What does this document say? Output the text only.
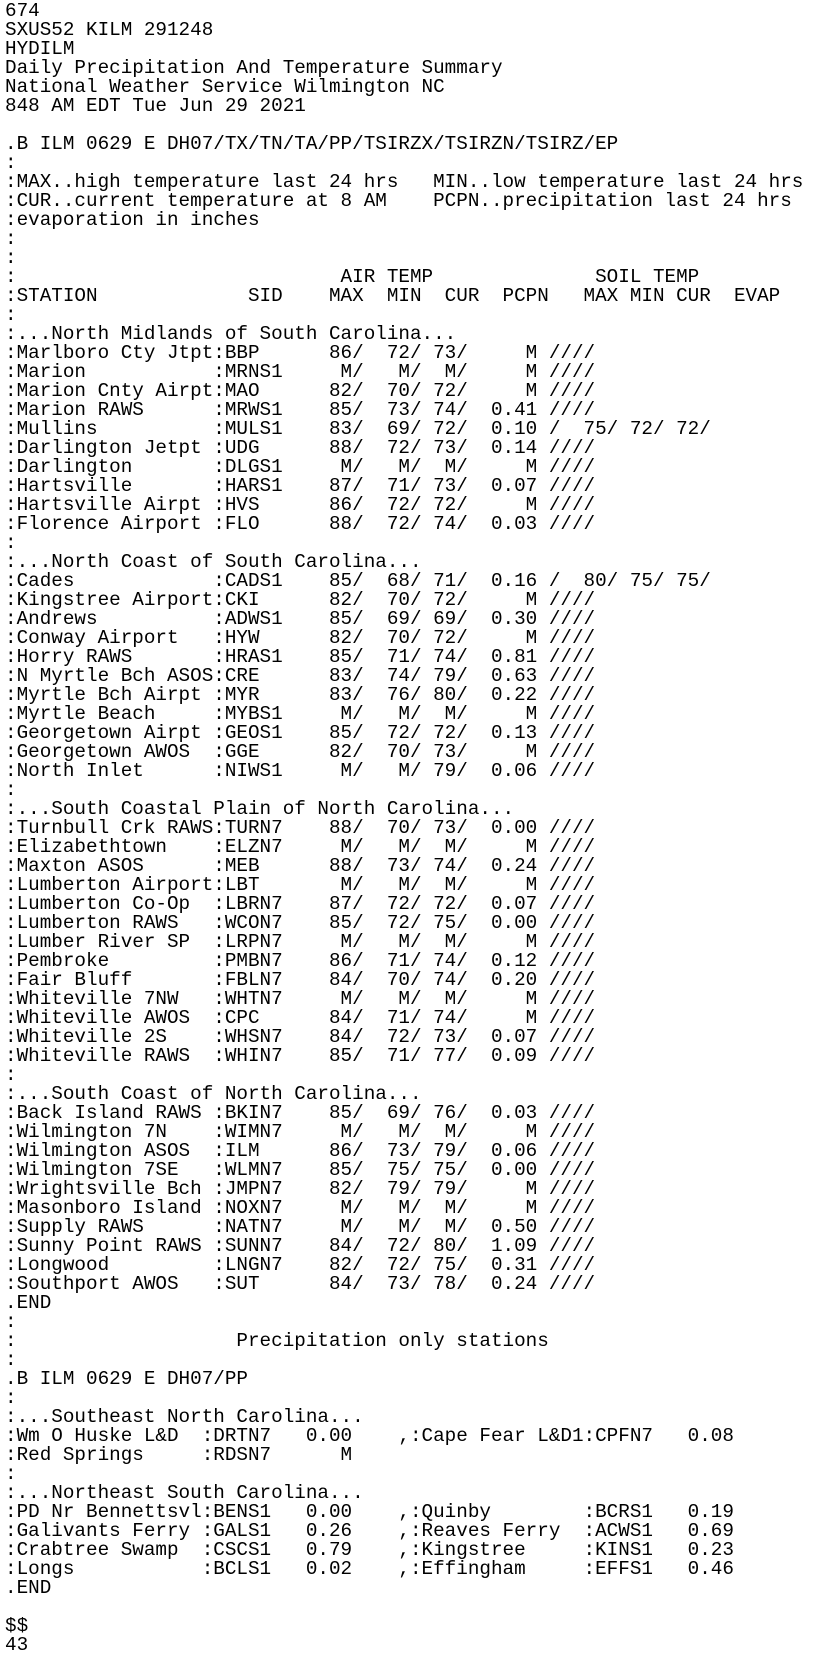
674
SXUS52 KILM 291248
HYDILM
Daily Precipitation And Temperature Summary
National Weather Service Wilmington NC
848 AM EDT Tue Jun 29 2021
.B ILM 0629 E DH07/TX/TN/TA/PP/TSIRZX/TSIRZN/TSIRZ/EP
:
:MAX..high temperature last 24 hrs   MIN..low temperature last 24 hrs
:CUR..current temperature at 8 AM    PCPN..precipitation last 24 hrs
:evaporation in inches
:
:
:                            AIR TEMP              SOIL TEMP
:STATION             SID    MAX  MIN  CUR  PCPN   MAX MIN CUR  EVAP
:
:...North Midlands of South Carolina...
:Marlboro Cty Jtpt:BBP      86/  72/ 73/     M ////
:Marion           :MRNS1     M/   M/  M/     M ////
:Marion Cnty Airpt:MAO      82/  70/ 72/     M ////
:Marion RAWS      :MRWS1    85/  73/ 74/  0.41 ////
:Mullins          :MULS1    83/  69/ 72/  0.10 /  75/ 72/ 72/
:Darlington Jetpt :UDG      88/  72/ 73/  0.14 ////
:Darlington       :DLGS1     M/   M/  M/     M ////
:Hartsville       :HARS1    87/  71/ 73/  0.07 ////
:Hartsville Airpt :HVS      86/  72/ 72/     M ////
:Florence Airport :FLO      88/  72/ 74/  0.03 ////
:
:...North Coast of South Carolina...
:Cades            :CADS1    85/  68/ 71/  0.16 /  80/ 75/ 75/
:Kingstree Airport:CKI      82/  70/ 72/     M ////
:Andrews          :ADWS1    85/  69/ 69/  0.30 ////
:Conway Airport   :HYW      82/  70/ 72/     M ////
:Horry RAWS       :HRAS1    85/  71/ 74/  0.81 ////
:N Myrtle Bch ASOS:CRE      83/  74/ 79/  0.63 ////
:Myrtle Bch Airpt :MYR      83/  76/ 80/  0.22 ////
:Myrtle Beach     :MYBS1     M/   M/  M/     M ////
:Georgetown Airpt :GEOS1    85/  72/ 72/  0.13 ////
:Georgetown AWOS  :GGE      82/  70/ 73/     M ////
:North Inlet      :NIWS1     M/   M/ 79/  0.06 ////
:
:...South Coastal Plain of North Carolina...
:Turnbull Crk RAWS:TURN7    88/  70/ 73/  0.00 ////
:Elizabethtown    :ELZN7     M/   M/  M/     M ////
:Maxton ASOS      :MEB      88/  73/ 74/  0.24 ////
:Lumberton Airport:LBT       M/   M/  M/     M ////
:Lumberton Co-Op  :LBRN7    87/  72/ 72/  0.07 ////
:Lumberton RAWS   :WCON7    85/  72/ 75/  0.00 ////
:Lumber River SP  :LRPN7     M/   M/  M/     M ////
:Pembroke         :PMBN7    86/  71/ 74/  0.12 ////
:Fair Bluff       :FBLN7    84/  70/ 74/  0.20 ////
:Whiteville 7NW   :WHTN7     M/   M/  M/     M ////
:Whiteville AWOS  :CPC      84/  71/ 74/     M ////
:Whiteville 2S    :WHSN7    84/  72/ 73/  0.07 ////
:Whiteville RAWS  :WHIN7    85/  71/ 77/  0.09 ////
:
:...South Coast of North Carolina...
:Back Island RAWS :BKIN7    85/  69/ 76/  0.03 ////
:Wilmington 7N    :WIMN7     M/   M/  M/     M ////
:Wilmington ASOS  :ILM      86/  73/ 79/  0.06 ////
:Wilmington 7SE   :WLMN7    85/  75/ 75/  0.00 ////
:Wrightsville Bch :JMPN7    82/  79/ 79/     M ////
:Masonboro Island :NOXN7     M/   M/  M/     M ////
:Supply RAWS      :NATN7     M/   M/  M/  0.50 ////
:Sunny Point RAWS :SUNN7    84/  72/ 80/  1.09 ////
:Longwood         :LNGN7    82/  72/ 75/  0.31 ////
:Southport AWOS   :SUT      84/  73/ 78/  0.24 ////
.END
:
:                   Precipitation only stations
:
.B ILM 0629 E DH07/PP
:
:...Southeast North Carolina...
:Wm O Huske L&D  :DRTN7   0.00    ,:Cape Fear L&D1:CPFN7   0.08
:Red Springs     :RDSN7      M
:
:...Northeast South Carolina...
:PD Nr Bennettsvl:BENS1   0.00    ,:Quinby        :BCRS1   0.19
:Galivants Ferry :GALS1   0.26    ,:Reaves Ferry  :ACWS1   0.69
:Crabtree Swamp  :CSCS1   0.79    ,:Kingstree     :KINS1   0.23
:Longs           :BCLS1   0.02    ,:Effingham     :EFFS1   0.46
.END
$$
43
